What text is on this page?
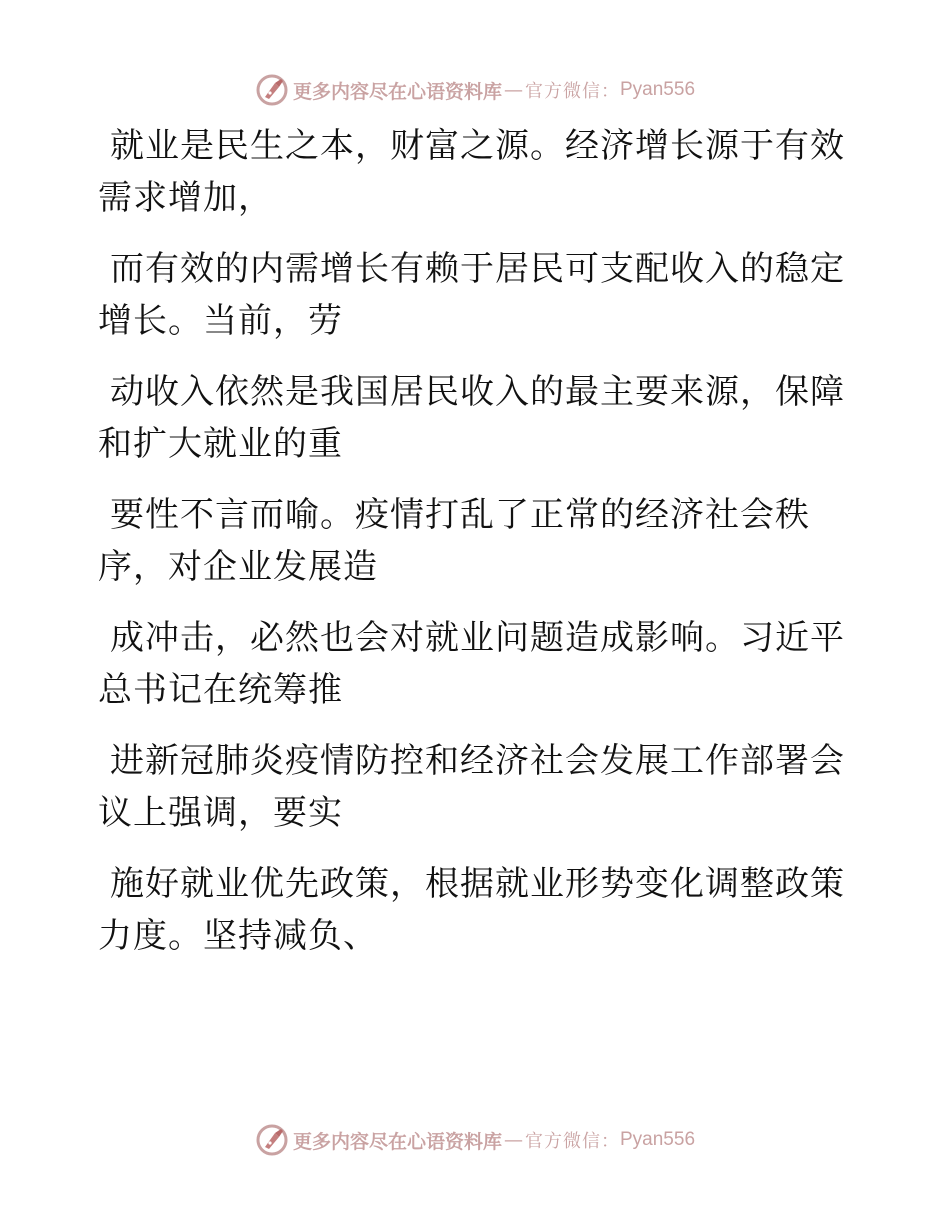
更多内容尽在心语资料库 — 官方微信： Pyan556
就业是民生之本，财富之源。经济增长源于有效
需求增加，
而有效的内需增长有赖于居民可支配收入的稳定
增长。当前，劳
动收入依然是我国居民收入的最主要来源，保障
和扩大就业的重
要性不言而喻。疫情打乱了正常的经济社会秩
序，对企业发展造
成冲击，必然也会对就业问题造成影响。习近平
总书记在统筹推
进新冠肺炎疫情防控和经济社会发展工作部署会
议上强调，要实
施好就业优先政策，根据就业形势变化调整政策
力度。坚持减负、
更多内容尽在心语资料库 — 官方微信： Pyan556
